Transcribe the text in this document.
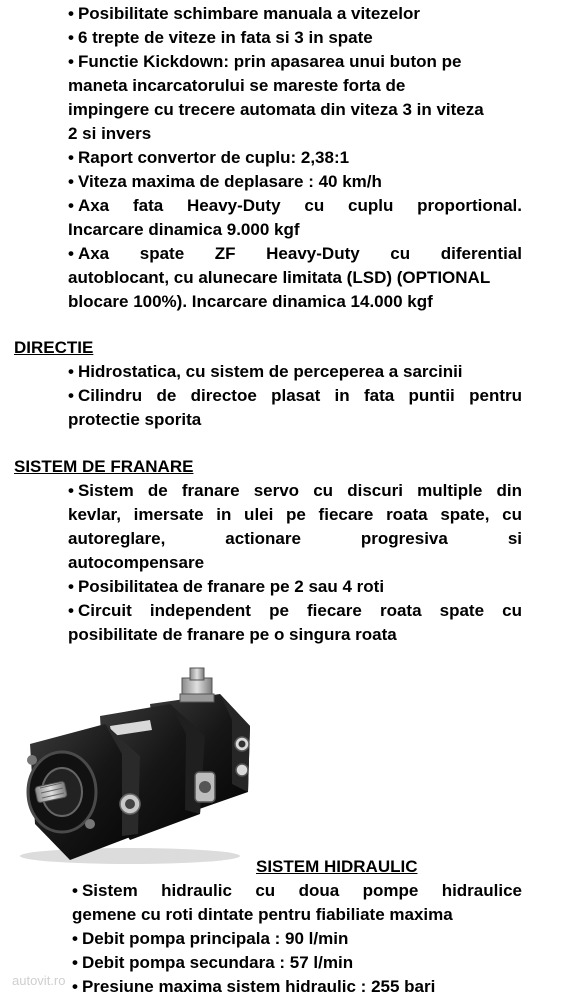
• Posibilitate schimbare manuala a vitezelor
• 6 trepte de viteze in fata si 3 in spate
• Functie Kickdown: prin apasarea unui buton pe
maneta incarcatorului se mareste forta de
impingere cu trecere automata din viteza 3 in viteza
2 si invers
• Raport convertor de cuplu: 2,38:1
• Viteza maxima de deplasare : 40 km/h
• Axa fata Heavy-Duty cu cuplu proportional.
Incarcare dinamica 9.000 kgf
• Axa spate ZF Heavy-Duty cu diferential
autoblocant, cu alunecare limitata (LSD) (OPTIONAL
blocare 100%). Incarcare dinamica 14.000 kgf
DIRECTIE
• Hidrostatica, cu sistem de perceperea a sarcinii
• Cilindru de directoe plasat in fata puntii pentru
protectie sporita
SISTEM DE FRANARE
• Sistem de franare servo cu discuri multiple din
kevlar, imersate in ulei pe fiecare roata spate, cu
autoreglare, actionare progresiva si
autocompensare
• Posibilitatea de franare pe 2 sau 4 roti
• Circuit independent pe fiecare roata spate cu
posibilitate de franare pe o singura roata
SISTEM HIDRAULIC
• Sistem hidraulic cu doua pompe hidraulice
gemene cu roti dintate pentru fiabiliate maxima
• Debit pompa principala : 90 l/min
• Debit pompa secundara : 57 l/min
• Presiune maxima sistem hidraulic : 255 bari
autovit.ro
